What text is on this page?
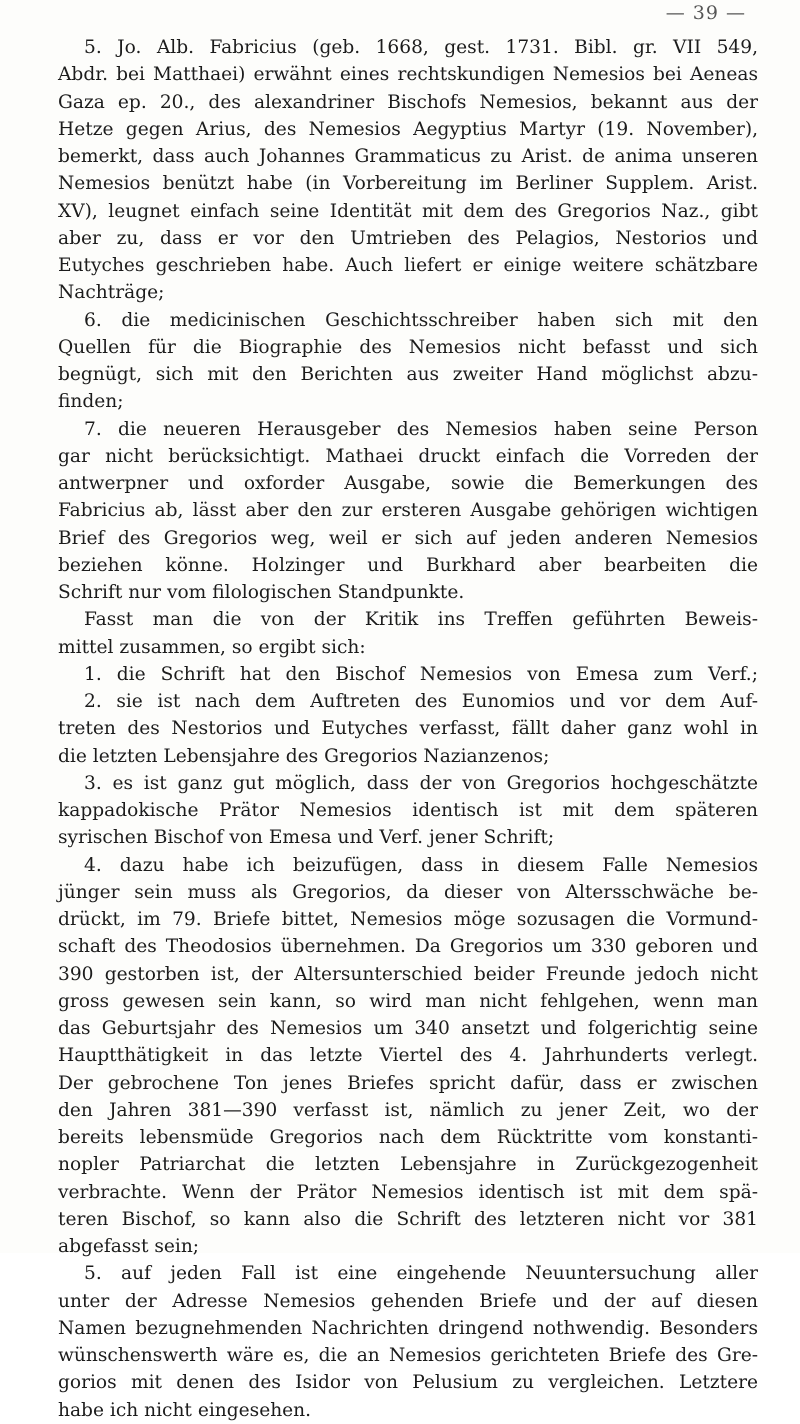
— 39 —
5. Jo. Alb. Fabricius (geb. 1668, gest. 1731. Bibl. gr. VII 549,
Abdr. bei Matthaei) erwähnt eines rechtskundigen Nemesios bei Aeneas
Gaza ep. 20., des alexandriner Bischofs Nemesios, bekannt aus der
Hetze gegen Arius, des Nemesios Aegyptius Martyr (19. November),
bemerkt, dass auch Johannes Grammaticus zu Arist. de anima unseren
Nemesios benützt habe (in Vorbereitung im Berliner Supplem. Arist.
XV), leugnet einfach seine Identität mit dem des Gregorios Naz., gibt
aber zu, dass er vor den Umtrieben des Pelagios, Nestorios und
Eutyches geschrieben habe. Auch liefert er einige weitere schätzbare
Nachträge;
6. die medicinischen Geschichtsschreiber haben sich mit den
Quellen für die Biographie des Nemesios nicht befasst und sich
begnügt, sich mit den Berichten aus zweiter Hand möglichst abzu-
finden;
7. die neueren Herausgeber des Nemesios haben seine Person
gar nicht berücksichtigt. Mathaei druckt einfach die Vorreden der
antwerpner und oxforder Ausgabe, sowie die Bemerkungen des
Fabricius ab, lässt aber den zur ersteren Ausgabe gehörigen wichtigen
Brief des Gregorios weg, weil er sich auf jeden anderen Nemesios
beziehen könne. Holzinger und Burkhard aber bearbeiten die
Schrift nur vom filologischen Standpunkte.
Fasst man die von der Kritik ins Treffen geführten Beweis-
mittel zusammen, so ergibt sich:
1. die Schrift hat den Bischof Nemesios von Emesa zum Verf.;
2. sie ist nach dem Auftreten des Eunomios und vor dem Auf-
treten des Nestorios und Eutyches verfasst, fällt daher ganz wohl in
die letzten Lebensjahre des Gregorios Nazianzenos;
3. es ist ganz gut möglich, dass der von Gregorios hochgeschätzte
kappadokische Prätor Nemesios identisch ist mit dem späteren
syrischen Bischof von Emesa und Verf. jener Schrift;
4. dazu habe ich beizufügen, dass in diesem Falle Nemesios
jünger sein muss als Gregorios, da dieser von Altersschwäche be-
drückt, im 79. Briefe bittet, Nemesios möge sozusagen die Vormund-
schaft des Theodosios übernehmen. Da Gregorios um 330 geboren und
390 gestorben ist, der Altersunterschied beider Freunde jedoch nicht
gross gewesen sein kann, so wird man nicht fehlgehen, wenn man
das Geburtsjahr des Nemesios um 340 ansetzt und folgerichtig seine
Hauptthätigkeit in das letzte Viertel des 4. Jahrhunderts verlegt.
Der gebrochene Ton jenes Briefes spricht dafür, dass er zwischen
den Jahren 381—390 verfasst ist, nämlich zu jener Zeit, wo der
bereits lebensmüde Gregorios nach dem Rücktritte vom konstanti-
nopler Patriarchat die letzten Lebensjahre in Zurückgezogenheit
verbrachte. Wenn der Prätor Nemesios identisch ist mit dem spä-
teren Bischof, so kann also die Schrift des letzteren nicht vor 381
abgefasst sein;
5. auf jeden Fall ist eine eingehende Neuuntersuchung aller
unter der Adresse Nemesios gehenden Briefe und der auf diesen
Namen bezugnehmenden Nachrichten dringend nothwendig. Besonders
wünschenswerth wäre es, die an Nemesios gerichteten Briefe des Gre-
gorios mit denen des Isidor von Pelusium zu vergleichen. Letztere
habe ich nicht eingesehen.
